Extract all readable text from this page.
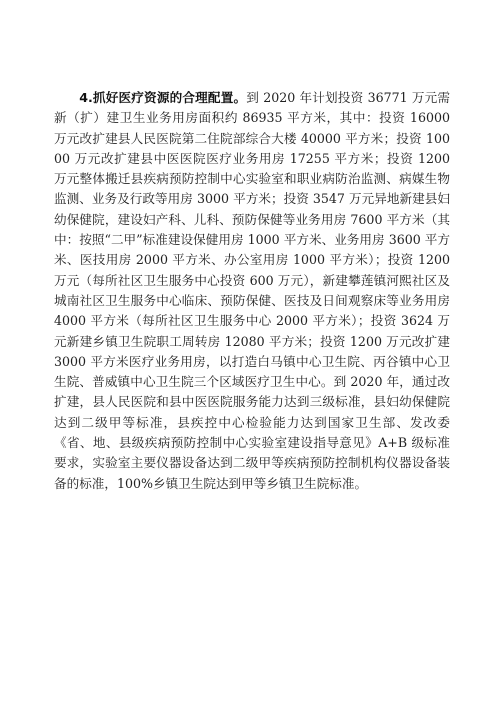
4.抓好医疗资源的合理配置。到 2020 年计划投资 36771 万元需新（扩）建卫生业务用房面积约 86935 平方米，其中：投资 16000 万元改扩建县人民医院第二住院部综合大楼 40000 平方米；投资 10000 万元改扩建县中医医院医疗业务用房 17255 平方米；投资 1200 万元整体搬迁县疾病预防控制中心实验室和职业病防治监测、病媒生物监测、业务及行政等用房 3000 平方米；投资 3547 万元异地新建县妇幼保健院，建设妇产科、儿科、预防保健等业务用房 7600 平方米（其中：按照“二甲”标准建设保健用房 1000 平方米、业务用房 3600 平方米、医技用房 2000 平方米、办公室用房 1000 平方米）；投资 1200 万元（每所社区卫生服务中心投资 600 万元），新建攀莲镇河熙社区及城南社区卫生服务中心临床、预防保健、医技及日间观察床等业务用房 4000 平方米（每所社区卫生服务中心 2000 平方米）；投资 3624 万元新建乡镇卫生院职工周转房 12080 平方米；投资 1200 万元改扩建 3000 平方米医疗业务用房，以打造白马镇中心卫生院、丙谷镇中心卫生院、普威镇中心卫生院三个区域医疗卫生中心。到 2020 年，通过改扩建，县人民医院和县中医医院服务能力达到三级标准，县妇幼保健院达到二级甲等标准，县疾控中心检验能力达到国家卫生部、发改委《省、地、县级疾病预防控制中心实验室建设指导意见》A+B 级标准要求，实验室主要仪器设备达到二级甲等疾病预防控制机构仪器设备装备的标准，100%乡镇卫生院达到甲等乡镇卫生院标准。
